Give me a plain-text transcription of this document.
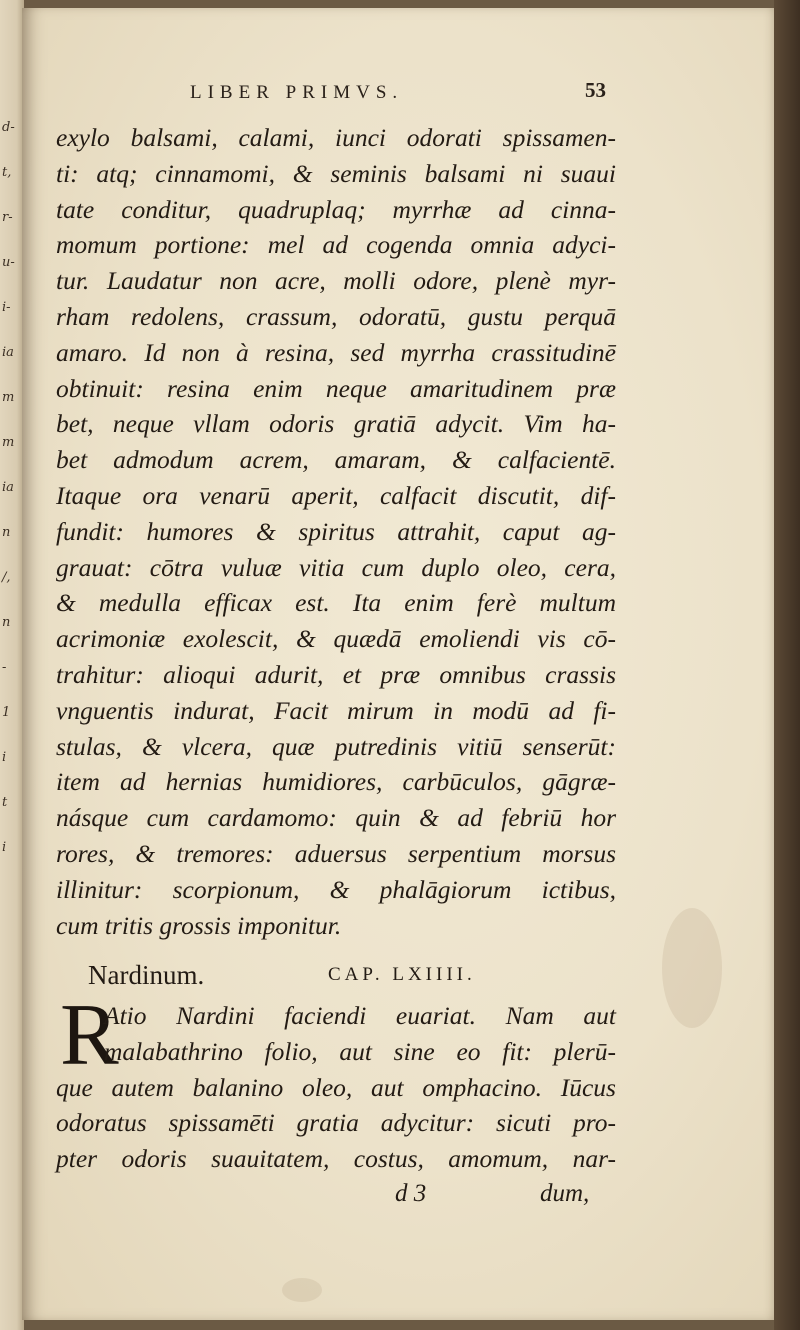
d-
t,
r-
u-
i-
ia
m
m
ia
n
/,
n
-
1
i
t
i
LIBER PRIMVS.	53
exylo balsami, calami, iunci odorati spissamen-
ti: atq; cinnamomi, & seminis balsami ni suaui
tate conditur, quadruplaq; myrrhæ ad cinna-
momum portione: mel ad cogenda omnia adyci-
tur. Laudatur non acre, molli odore, plenè myr-
rham redolens, crassum, odoratū, gustu perquā
amaro. Id non à resina, sed myrrha crassitudinē
obtinuit: resina enim neque amaritudinem præ
bet, neque vllam odoris gratiā adycit. Vim ha-
bet admodum acrem, amaram, & calfacientē.
Itaque ora venarū aperit, calfacit discutit, dif-
fundit: humores & spiritus attrahit, caput ag-
grauat: cōtra vuluæ vitia cum duplo oleo, cera,
& medulla efficax est. Ita enim ferè multum
acrimoniæ exolescit, & quædā emoliendi vis cō-
trahitur: alioqui adurit, et præ omnibus crassis
vnguentis indurat, Facit mirum in modū ad fi-
stulas, & vlcera, quæ putredinis vitiū senserūt:
item ad hernias humidiores, carbūculos, gāgræ-
násque cum cardamomo: quin & ad febriū hor
rores, & tremores: aduersus serpentium morsus
illinitur: scorpionum, & phalāgiorum ictibus,
cum tritis grossis imponitur.
Nardinum.	CAP. LXIIII.
R
Atio Nardini faciendi euariat. Nam aut
malabathrino folio, aut sine eo fit: plerū-
que autem balanino oleo, aut omphacino. Iūcus
odoratus spissamēti gratia adycitur: sicuti pro-
pter odoris suauitatem, costus, amomum, nar-
d 3	dum,
